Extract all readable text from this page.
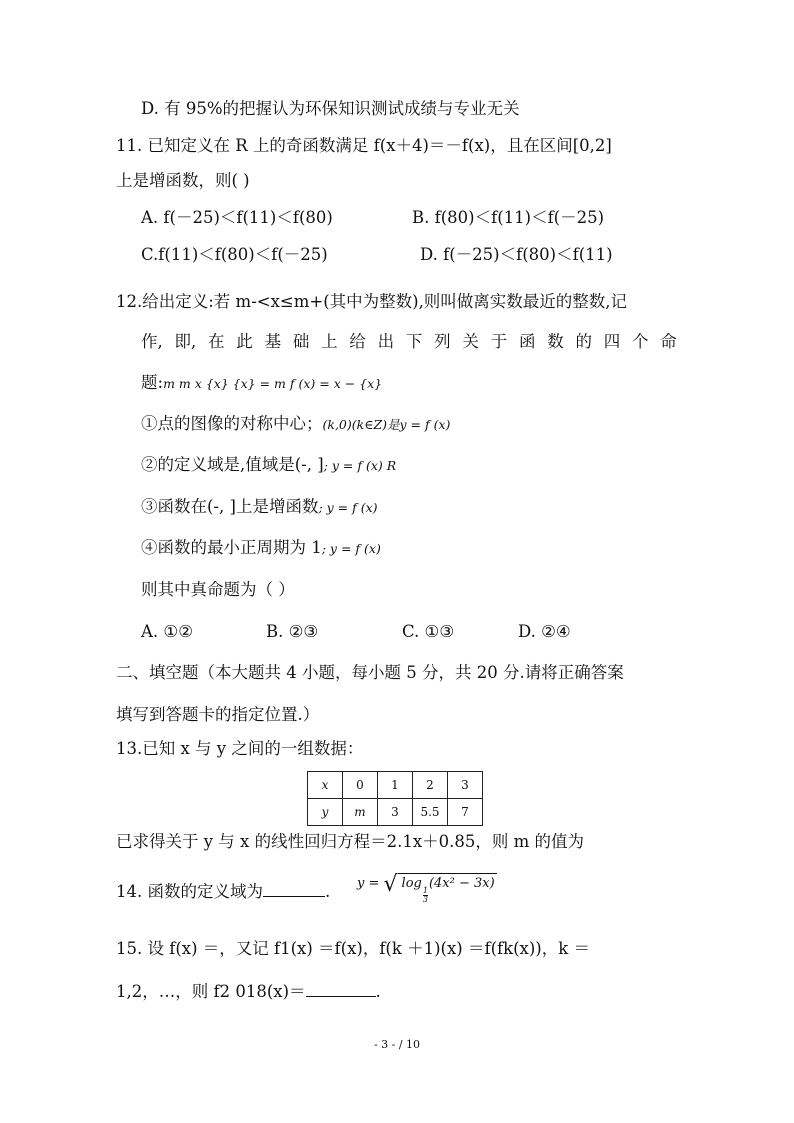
D. 有 95%的把握认为环保知识测试成绩与专业无关
11. 已知定义在 R 上的奇函数满足 f(x＋4)＝－f(x)，且在区间[0,2]
上是增函数，则( )
A. f(－25)＜f(11)＜f(80)	B. f(80)＜f(11)＜f(－25)
C.f(11)＜f(80)＜f(－25)	D. f(－25)＜f(80)＜f(11)
12.给出定义:若 m-<x≤m+(其中为整数),则叫做离实数最近的整数,记
作, 即, 在 此 基 础 上 给 出 下 列 关 于 函 数 的 四 个 命
题:m m x {x} {x} = m f (x) = x − {x}
①点的图像的对称中心；(k,0)(k∈Z)是y = f (x)
②的定义域是,值域是(-, ]; y = f (x) R
③函数在(-, ]上是增函数; y = f (x)
④函数的最小正周期为 1; y = f (x)
则其中真命题为（ ）
A. ①②	B. ②③	C. ①③	D. ②④
二、填空题（本大题共 4 小题，每小题 5 分，共 20 分.请将正确答案
填写到答题卡的指定位置.）
13.已知 x 与 y 之间的一组数据：
x	0	1	2	3
y	m	3	5.5	7
已求得关于 y 与 x 的线性回归方程＝2.1x＋0.85，则 m 的值为
14. 函数的定义域为	. y = √ log
$\frac{1}{3}$
(4x² − 3x)
15. 设 f(x) ＝，又记 f1(x) ＝f(x)，f(k ＋1)(x) ＝f(fk(x))，k ＝
1,2，…，则 f2 018(x)＝	.
- 3 - / 10
